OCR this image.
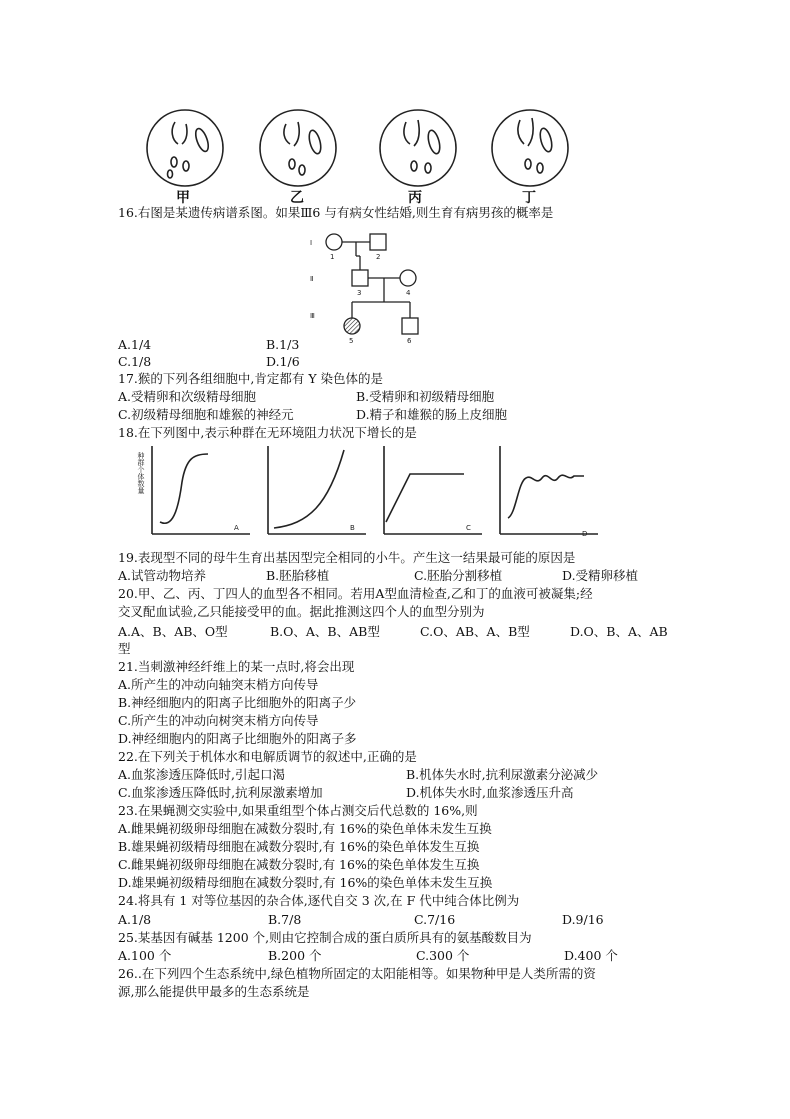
甲	乙	丙	丁
16.右图是某遗传病谱系图。如果Ⅲ6 与有病女性结婚,则生育有病男孩的概率是
Ⅰ
Ⅱ
Ⅲ
1	2
3	4
5	6
A.1/4	B.1/3
C.1/8	D.1/6
17.猴的下列各组细胞中,肯定都有 Y 染色体的是
A.受精卵和次级精母细胞	B.受精卵和初级精母细胞
C.初级精母细胞和雄猴的神经元	D.精子和雄猴的肠上皮细胞
18.在下列图中,表示种群在无环境阻力状况下增长的是
种群个体数量
A	B	C
D
19.表现型不同的母牛生育出基因型完全相同的小牛。产生这一结果最可能的原因是
A.试管动物培养	B.胚胎移植	C.胚胎分割移植	D.受精卵移植
20.甲、乙、丙、丁四人的血型各不相同。若用A型血清检查,乙和丁的血液可被凝集;经
交叉配血试验,乙只能接受甲的血。据此推测这四个人的血型分别为
A.A、B、AB、O型	B.O、A、B、AB型	C.O、AB、A、B型	D.O、B、A、AB
型
21.当刺激神经纤维上的某一点时,将会出现
A.所产生的冲动向轴突末梢方向传导
B.神经细胞内的阳离子比细胞外的阳离子少
C.所产生的冲动向树突末梢方向传导
D.神经细胞内的阳离子比细胞外的阳离子多
22.在下列关于机体水和电解质调节的叙述中,正确的是
A.血浆渗透压降低时,引起口渴	B.机体失水时,抗利尿激素分泌减少
C.血浆渗透压降低时,抗利尿激素增加	D.机体失水时,血浆渗透压升高
23.在果蝇测交实验中,如果重组型个体占测交后代总数的 16%,则
A.雌果蝇初级卵母细胞在减数分裂时,有 16%的染色单体未发生互换
B.雄果蝇初级精母细胞在减数分裂时,有 16%的染色单体发生互换
C.雌果蝇初级卵母细胞在减数分裂时,有 16%的染色单体发生互换
D.雄果蝇初级精母细胞在减数分裂时,有 16%的染色单体未发生互换
24.将具有 1 对等位基因的杂合体,逐代自交 3 次,在 F 代中纯合体比例为
A.1/8	B.7/8	C.7/16	D.9/16
25.某基因有碱基 1200 个,则由它控制合成的蛋白质所具有的氨基酸数目为
A.100 个	B.200 个	C.300 个	D.400 个
26..在下列四个生态系统中,绿色植物所固定的太阳能相等。如果物种甲是人类所需的资
源,那么能提供甲最多的生态系统是
